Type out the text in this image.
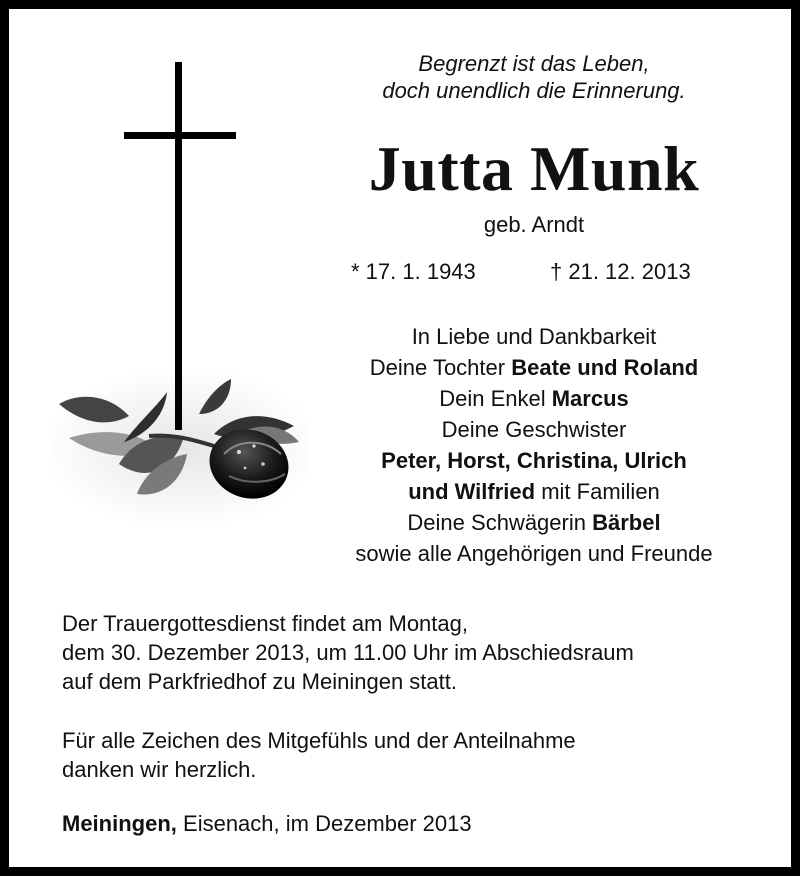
Begrenzt ist das Leben,
doch unendlich die Erinnerung.
Jutta Munk
geb. Arndt
* 17. 1. 1943	† 21. 12. 2013
In Liebe und Dankbarkeit
Deine Tochter Beate und Roland
Dein Enkel Marcus
Deine Geschwister
Peter, Horst, Christina, Ulrich
und Wilfried mit Familien
Deine Schwägerin Bärbel
sowie alle Angehörigen und Freunde
Der Trauergottesdienst findet am Montag,
dem 30. Dezember 2013, um 11.00 Uhr im Abschiedsraum
auf dem Parkfriedhof zu Meiningen statt.
Für alle Zeichen des Mitgefühls und der Anteilnahme
danken wir herzlich.
Meiningen, Eisenach, im Dezember 2013
